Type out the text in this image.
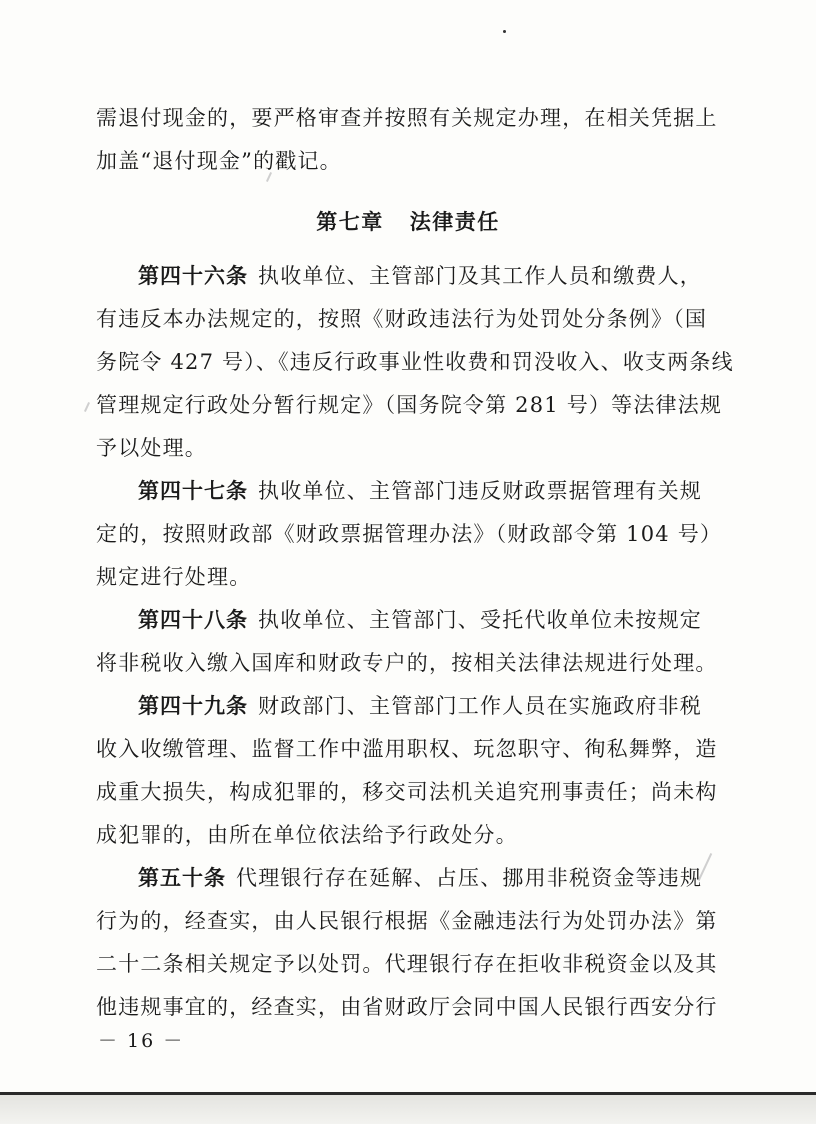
需退付现金的，要严格审查并按照有关规定办理，在相关凭据上
加盖“退付现金”的戳记。
第七章 法律责任
第四十六条 执收单位、主管部门及其工作人员和缴费人，
有违反本办法规定的，按照《财政违法行为处罚处分条例》（国
务院令 427 号）、《违反行政事业性收费和罚没收入、收支两条线
管理规定行政处分暂行规定》（国务院令第 281 号）等法律法规
予以处理。
第四十七条 执收单位、主管部门违反财政票据管理有关规
定的，按照财政部《财政票据管理办法》（财政部令第 104 号）
规定进行处理。
第四十八条 执收单位、主管部门、受托代收单位未按规定
将非税收入缴入国库和财政专户的，按相关法律法规进行处理。
第四十九条 财政部门、主管部门工作人员在实施政府非税
收入收缴管理、监督工作中滥用职权、玩忽职守、徇私舞弊，造
成重大损失，构成犯罪的，移交司法机关追究刑事责任；尚未构
成犯罪的，由所在单位依法给予行政处分。
第五十条 代理银行存在延解、占压、挪用非税资金等违规
行为的，经查实，由人民银行根据《金融违法行为处罚办法》第
二十二条相关规定予以处罚。代理银行存在拒收非税资金以及其
他违规事宜的，经查实，由省财政厅会同中国人民银行西安分行
－ 16 －
